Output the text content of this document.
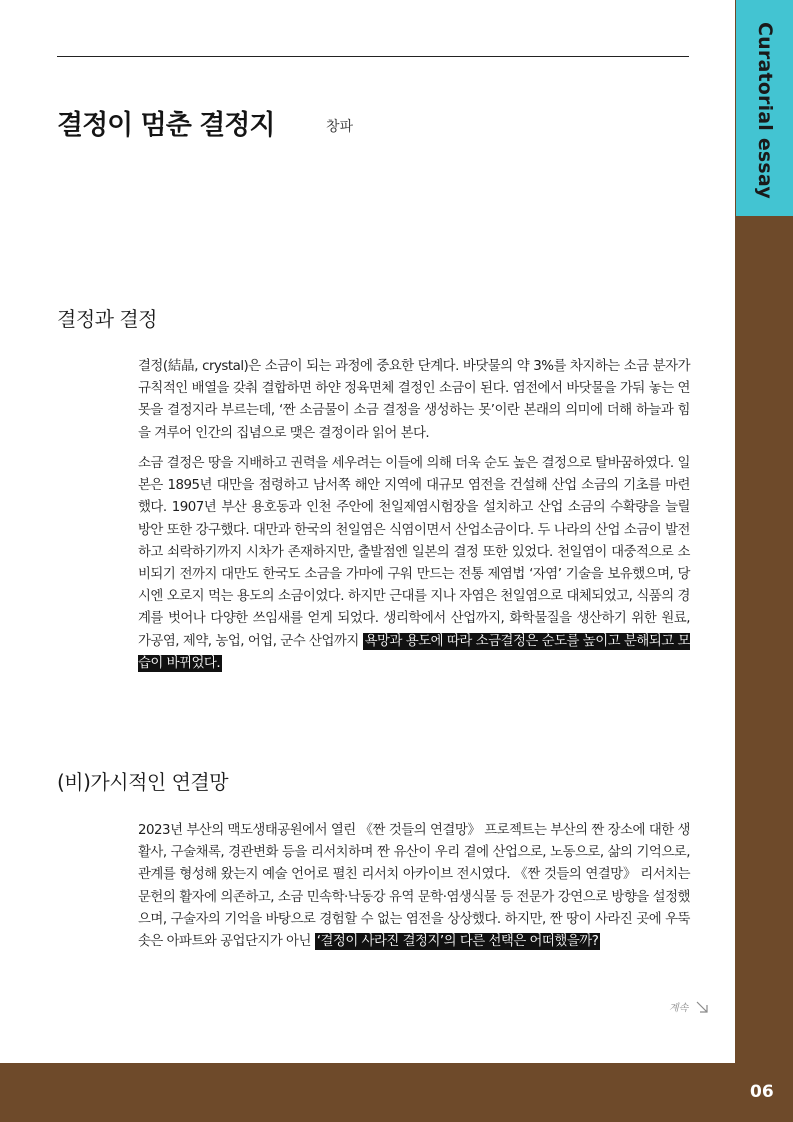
결정이 멈춘 결정지	창파
결정과 결정

결정(結晶, crystal)은 소금이 되는 과정에 중요한 단계다. 바닷물의 약 3%를 차지하는 소금 분자가 규칙적인 배열을 갖춰 결합하면 하얀 정육면체 결정인 소금이 된다. 염전에서 바닷물을 가둬 놓는 연못을 결정지라 부르는데, ‘짠 소금물이 소금 결정을 생성하는 못’이란 본래의 의미에 더해 하늘과 힘을 겨루어 인간의 집념으로 맺은 결정이라 읽어 본다.

소금 결정은 땅을 지배하고 권력을 세우려는 이들에 의해 더욱 순도 높은 결정으로 탈바꿈하였다. 일본은 1895년 대만을 점령하고 남서쪽 해안 지역에 대규모 염전을 건설해 산업 소금의 기초를 마련했다. 1907년 부산 용호동과 인천 주안에 천일제염시험장을 설치하고 산업 소금의 수확량을 늘릴 방안 또한 강구했다. 대만과 한국의 천일염은 식염이면서 산업소금이다. 두 나라의 산업 소금이 발전하고 쇠락하기까지 시차가 존재하지만, 출발점엔 일본의 결정 또한 있었다. 천일염이 대중적으로 소비되기 전까지 대만도 한국도 소금을 가마에 구워 만드는 전통 제염법 ‘자염’ 기술을 보유했으며, 당시엔 오로지 먹는 용도의 소금이었다. 하지만 근대를 지나 자염은 천일염으로 대체되었고, 식품의 경계를 벗어나 다양한 쓰임새를 얻게 되었다. 생리학에서 산업까지, 화학물질을 생산하기 위한 원료, 가공염, 제약, 농업, 어업, 군수 산업까지 욕망과 용도에 따라 소금결정은 순도를 높이고 분해되고 모습이 바뀌었다.

(비)가시적인 연결망

2023년 부산의 맥도생태공원에서 열린 《짠 것들의 연결망》 프로젝트는 부산의 짠 장소에 대한 생활사, 구술채록, 경관변화 등을 리서치하며 짠 유산이 우리 곁에 산업으로, 노동으로, 삶의 기억으로, 관계를 형성해 왔는지 예술 언어로 펼친 리서치 아카이브 전시였다. 《짠 것들의 연결망》 리서치는 문헌의 활자에 의존하고, 소금 민속학·낙동강 유역 문학·염생식물 등 전문가 강연으로 방향을 설정했으며, 구술자의 기억을 바탕으로 경험할 수 없는 염전을 상상했다. 하지만, 짠 땅이 사라진 곳에 우뚝 솟은 아파트와 공업단지가 아닌 ‘결정이 사라진 결정지’의 다른 선택은 어떠했을까?

계속
Curatorial essay
06
